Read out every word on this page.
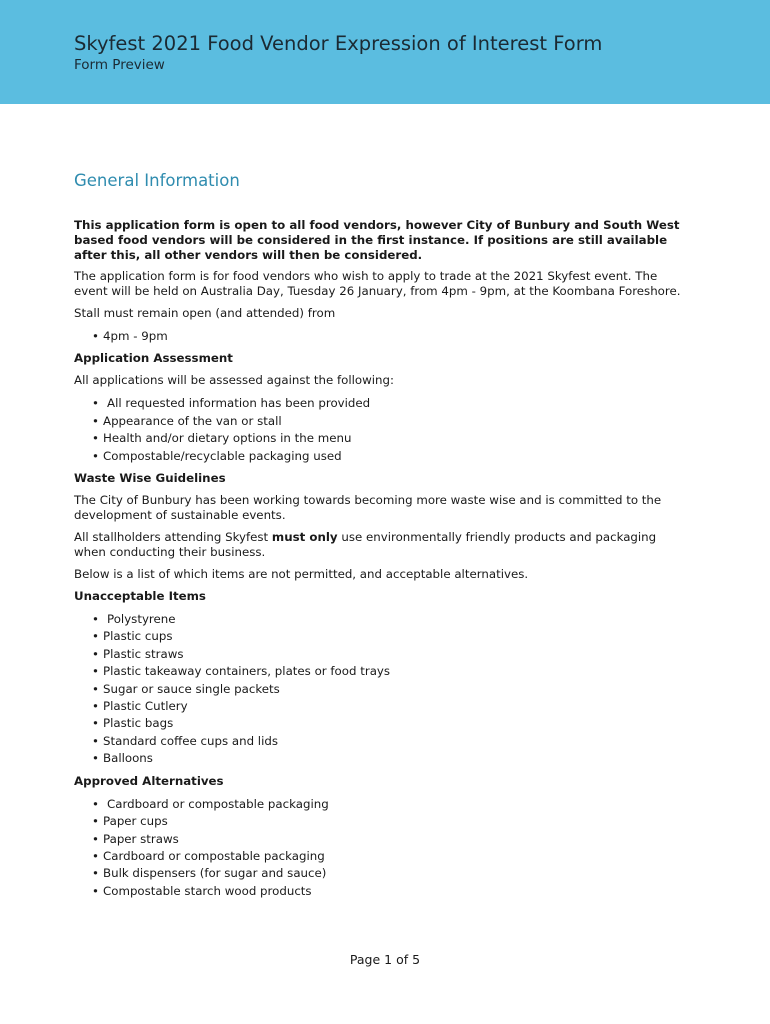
Skyfest 2021 Food Vendor Expression of Interest Form
Form Preview
General Information
This application form is open to all food vendors, however City of Bunbury and South West based food vendors will be considered in the first instance. If positions are still available after this, all other vendors will then be considered.

The application form is for food vendors who wish to apply to trade at the 2021 Skyfest event. The event will be held on Australia Day, Tuesday 26 January, from 4pm - 9pm, at the Koombana Foreshore.

Stall must remain open (and attended) from

• 4pm - 9pm
Application Assessment

All applications will be assessed against the following:

• All requested information has been provided
• Appearance of the van or stall
• Health and/or dietary options in the menu
• Compostable/recyclable packaging used
Waste Wise Guidelines

The City of Bunbury has been working towards becoming more waste wise and is committed to the development of sustainable events.

All stallholders attending Skyfest must only use environmentally friendly products and packaging when conducting their business.

Below is a list of which items are not permitted, and acceptable alternatives.

Unacceptable Items
• Polystyrene
• Plastic cups
• Plastic straws
• Plastic takeaway containers, plates or food trays
• Sugar or sauce single packets
• Plastic Cutlery
• Plastic bags
• Standard coffee cups and lids
• Balloons
Approved Alternatives
• Cardboard or compostable packaging
• Paper cups
• Paper straws
• Cardboard or compostable packaging
• Bulk dispensers (for sugar and sauce)
• Compostable starch wood products
Page 1 of 5
